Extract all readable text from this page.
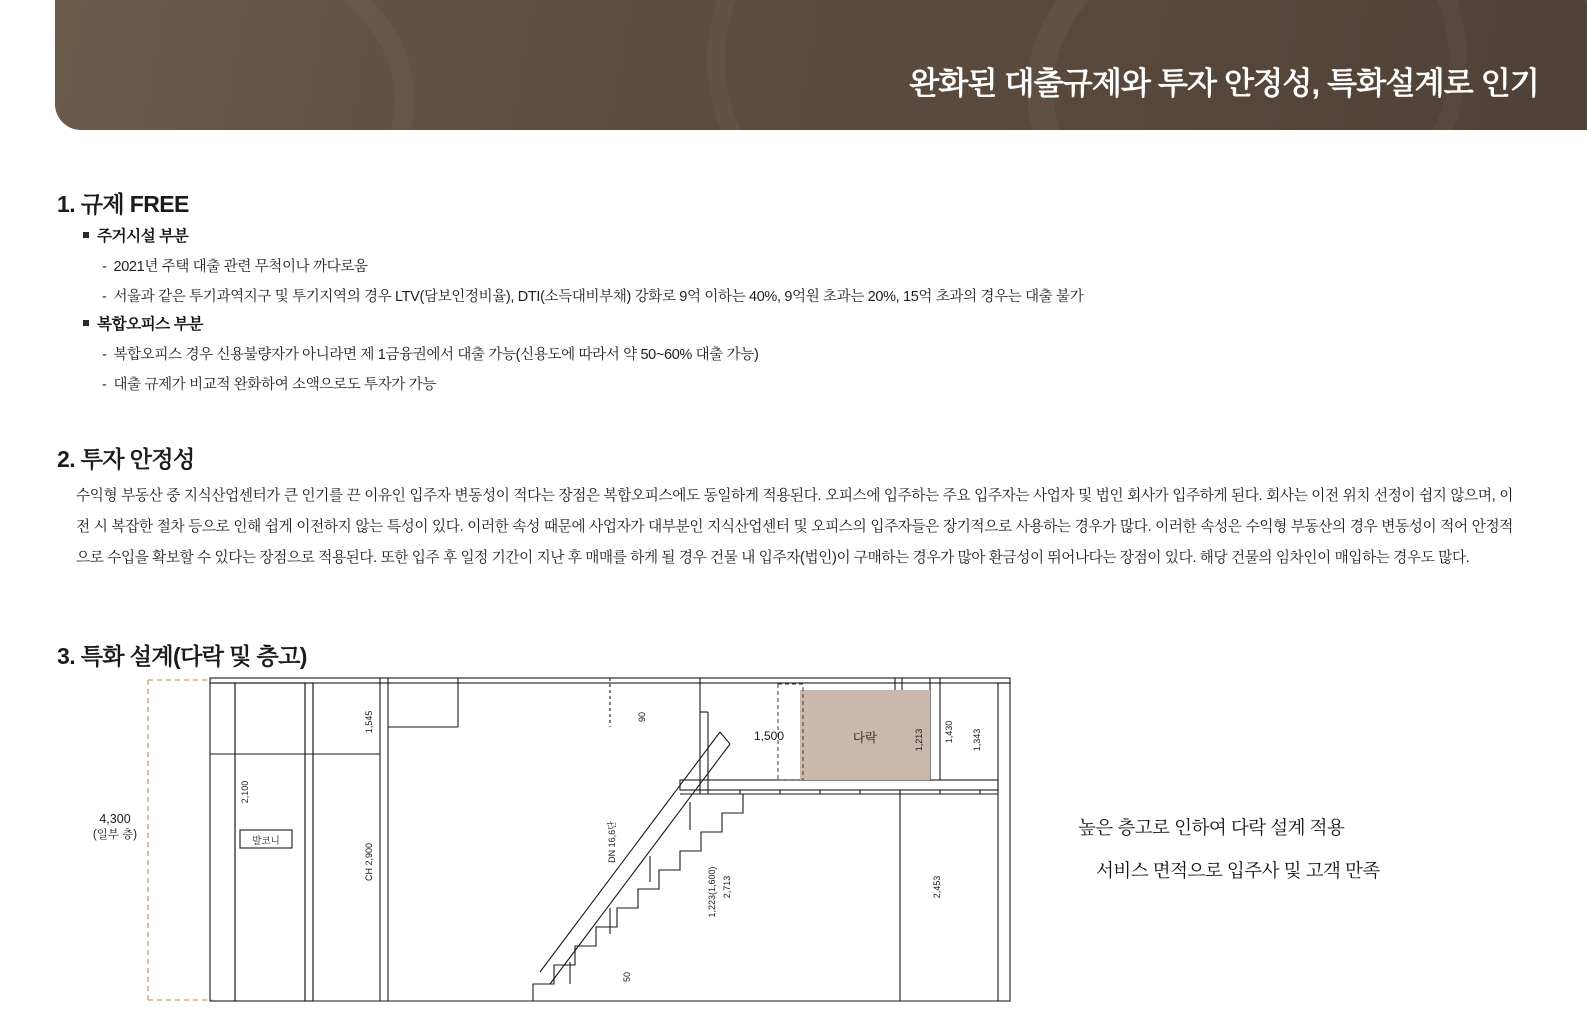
완화된 대출규제와 투자 안정성, 특화설계로 인기
1. 규제 FREE
주거시설 부분
- 2021년 주택 대출 관련 무척이나 까다로움
- 서울과 같은 투기과역지구 및 투기지역의 경우 LTV(담보인정비율), DTI(소득대비부채) 강화로 9억 이하는 40%, 9억원 초과는 20%, 15억 초과의 경우는 대출 불가
복합오피스 부분
- 복합오피스 경우 신용불량자가 아니라면 제 1금융권에서 대출 가능(신용도에 따라서 약 50~60% 대출 가능)
- 대출 규제가 비교적 완화하여 소액으로도 투자가 가능
2. 투자 안정성
수익형 부동산 중 지식산업센터가 큰 인기를 끈 이유인 입주자 변동성이 적다는 장점은 복합오피스에도 동일하게 적용된다. 오피스에 입주하는 주요 입주자는 사업자 및 법인 회사가 입주하게 된다. 회사는 이전 위치 선정이 쉽지 않으며, 이전 시 복잡한 절차 등으로 인해 쉽게 이전하지 않는 특성이 있다. 이러한 속성 때문에 사업자가 대부분인 지식산업센터 및 오피스의 입주자들은 장기적으로 사용하는 경우가 많다. 이러한 속성은 수익형 부동산의 경우 변동성이 적어 안정적으로 수입을 확보할 수 있다는 장점으로 적용된다. 또한 입주 후 일정 기간이 지난 후 매매를 하게 될 경우 건물 내 입주자(법인)이 구매하는 경우가 많아 환금성이 뛰어나다는 장점이 있다. 해당 건물의 임차인이 매입하는 경우도 많다.
3. 특화 설계(다락 및 층고)
1,500	다락
발코니
1,545
1,213 1,430 1,343
CH 2,900
2,453
2,713
1,223(1,600)
DN 16,6단
90
50
2,100
4,300
(일부 층)	높은 층고로 인하여 다락 설계 적용
서비스 면적으로 입주사 및 고객 만족
